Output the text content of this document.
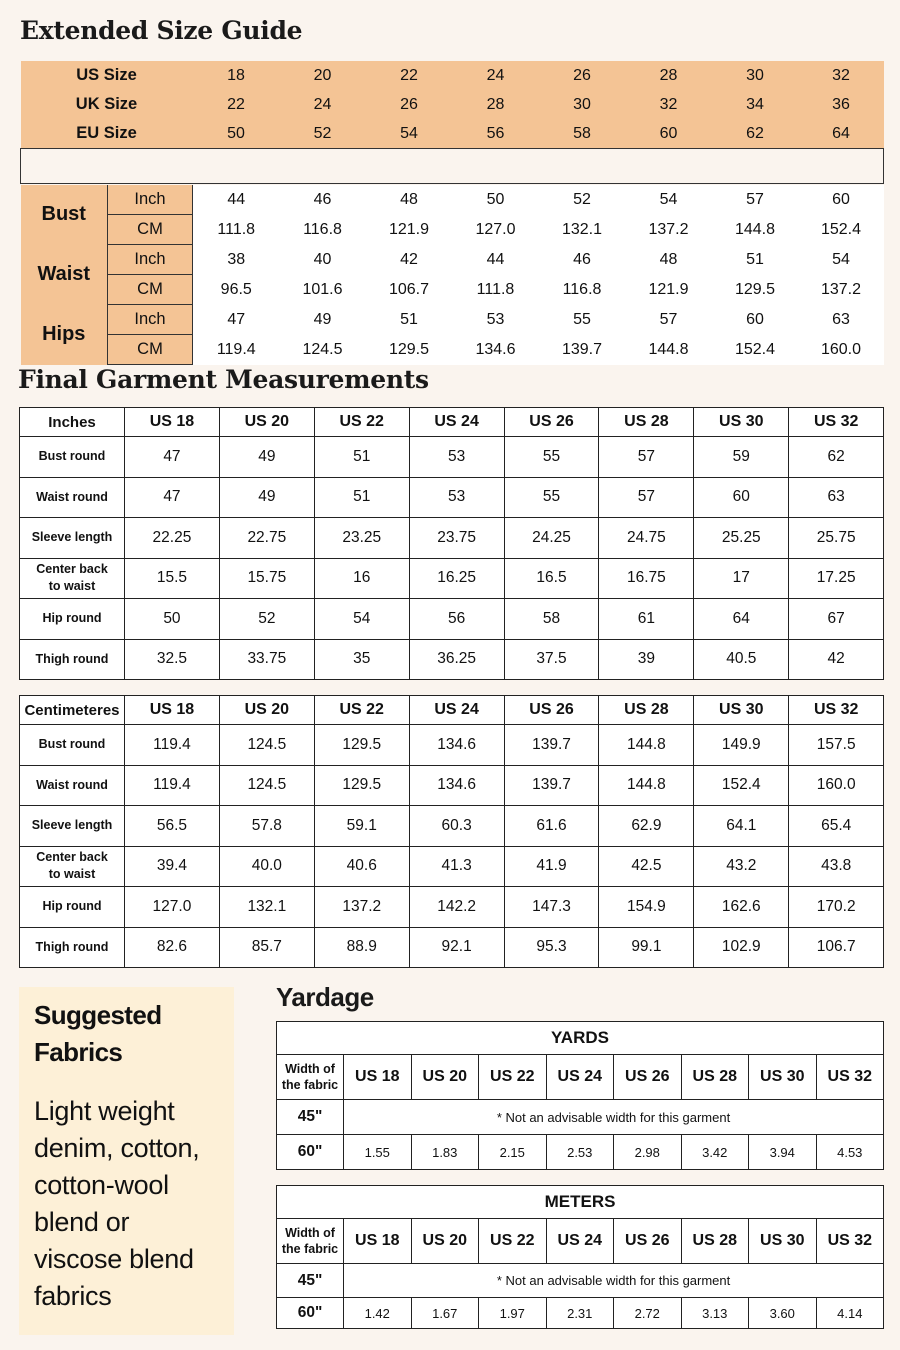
Extended Size Guide
US Size		18	20	22	24	26	28	30	32
UK Size		22	24	26	28	30	32	34	36
EU Size		50	52	54	56	58	60	62	64

Bust	Inch	44	46	48	50	52	54	57	60
	CM	111.8	116.8	121.9	127.0	132.1	137.2	144.8	152.4
Waist	Inch	38	40	42	44	46	48	51	54
	CM	96.5	101.6	106.7	111.8	116.8	121.9	129.5	137.2
Hips	Inch	47	49	51	53	55	57	60	63
	CM	119.4	124.5	129.5	134.6	139.7	144.8	152.4	160.0
Final Garment Measurements
Inches	US 18	US 20	US 22	US 24	US 26	US 28	US 30	US 32
Bust round	47	49	51	53	55	57	59	62
Waist round	47	49	51	53	55	57	60	63
Sleeve length	22.25	22.75	23.25	23.75	24.25	24.75	25.25	25.75

Center back
to waist	15.5	15.75	16	16.25	16.5	16.75	17	17.25
Hip round	50	52	54	56	58	61	64	67
Thigh round	32.5	33.75	35	36.25	37.5	39	40.5	42
Centimeteres	US 18	US 20	US 22	US 24	US 26	US 28	US 30	US 32
Bust round	119.4	124.5	129.5	134.6	139.7	144.8	149.9	157.5
Waist round	119.4	124.5	129.5	134.6	139.7	144.8	152.4	160.0
Sleeve length	56.5	57.8	59.1	60.3	61.6	62.9	64.1	65.4

Center back
to waist	39.4	40.0	40.6	41.3	41.9	42.5	43.2	43.8
Hip round	127.0	132.1	137.2	142.2	147.3	154.9	162.6	170.2
Thigh round	82.6	85.7	88.9	92.1	95.3	99.1	102.9	106.7
Suggested
Fabrics
Light weight
denim, cotton,
cotton-wool
blend or
viscose blend
fabrics
Yardage
YARDS								

Width of
the fabric	US 18	US 20	US 22	US 24	US 26	US 28	US 30	US 32
45"	* Not an advisable width for this garment							
60"	1.55	1.83	2.15	2.53	2.98	3.42	3.94	4.53
METERS								

Width of
the fabric	US 18	US 20	US 22	US 24	US 26	US 28	US 30	US 32
45"	* Not an advisable width for this garment							
60"	1.42	1.67	1.97	2.31	2.72	3.13	3.60	4.14
